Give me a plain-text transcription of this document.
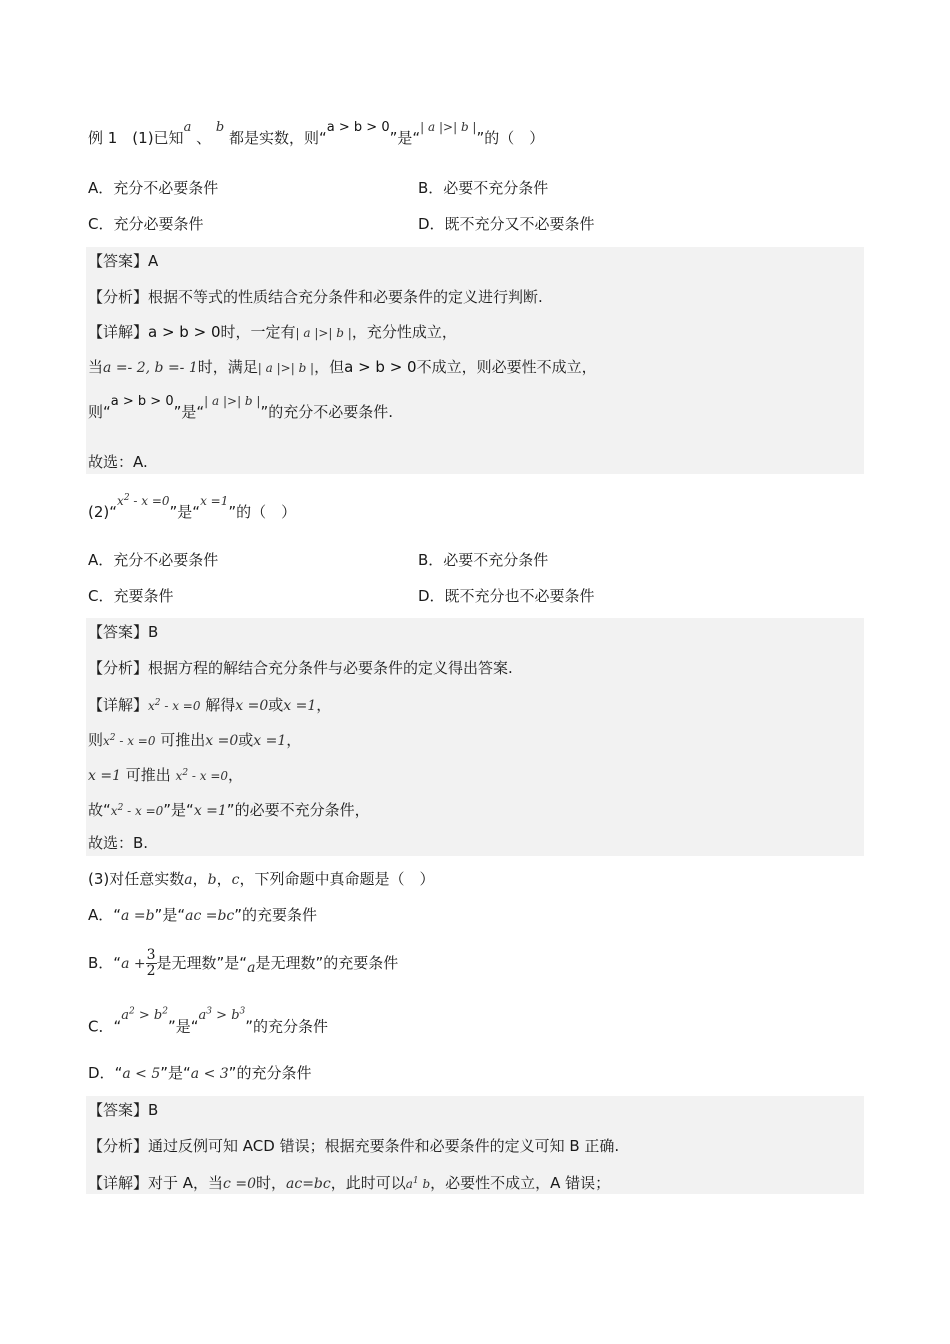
例 1　(1)已知a 、 b 都是实数，则“a > b > 0”是“$^{| a |>| b |}$”的（　）
A．充分不必要条件	B．必要不充分条件
C．充分必要条件	D．既不充分又不必要条件
【答案】A
【分析】根据不等式的性质结合充分条件和必要条件的定义进行判断.
【详解】a > b > 0时，一定有| a |>| b |，充分性成立，
当a =- 2, b =- 1时，满足| a |>| b |，但a > b > 0不成立，则必要性不成立，
则“a > b > 0”是“$^{| a |>| b |}$”的充分不必要条件.
故选：A.
(2)“$^{x^2 - x =0}$”是“$^{x =1}$”的（　）
A．充分不必要条件	B．必要不充分条件
C．充要条件	D．既不充分也不必要条件
【答案】B
【分析】根据方程的解结合充分条件与必要条件的定义得出答案.
【详解】$x^2 - x =0$ 解得x =0或x =1，
则$x^2 - x =0$ 可推出x =0或x =1，
x =1 可推出 $x^2 - x =0$，
故“$x^2 - x =0$”是“x =1”的必要不充分条件，
故选：B.
(3)对任意实数a，b，c，下列命题中真命题是（　）
A．“a =b”是“ac =bc”的充要条件
B．“$a + \frac{3}{2}$ 是无理数”是“a是无理数”的充要条件
C．“$a^2 > b^2$”是“$a^3 > b^3$”的充分条件
D．“a < 5”是“a < 3”的充分条件
【答案】B
【分析】通过反例可知 ACD 错误；根据充要条件和必要条件的定义可知 B 正确.
【详解】对于 A，当c =0时，ac=bc，此时可以$a^1$ b，必要性不成立，A 错误；
